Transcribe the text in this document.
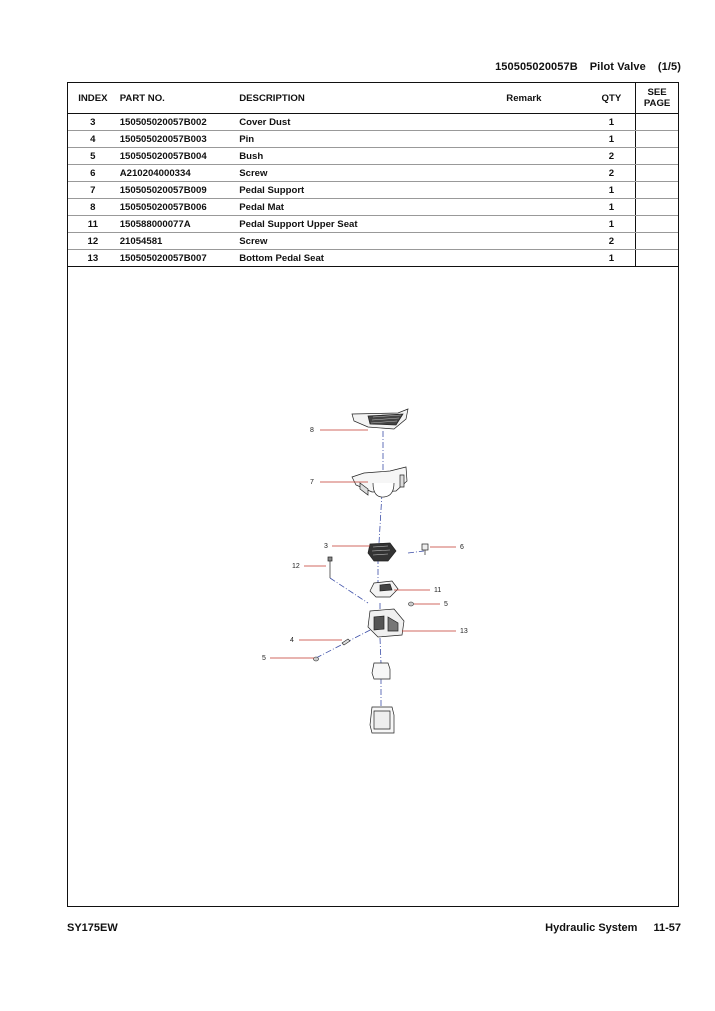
150505020057B Pilot Valve (1/5)
INDEX	PART NO.	DESCRIPTION	Remark	QTY	SEE
PAGE

3	150505020057B002	Cover Dust		1	
4	150505020057B003	Pin		1	
5	150505020057B004	Bush		2	
6	A210204000334	Screw		2	
7	150505020057B009	Pedal Support		1	
8	150505020057B006	Pedal Mat		1	
11	150588000077A	Pedal Support Upper Seat		1	
12	21054581	Screw		2	
13	150505020057B007	Bottom Pedal Seat		1	
8
7
3	6
12
11
5
13
4
5
SY175EW	Hydraulic System 11-57
